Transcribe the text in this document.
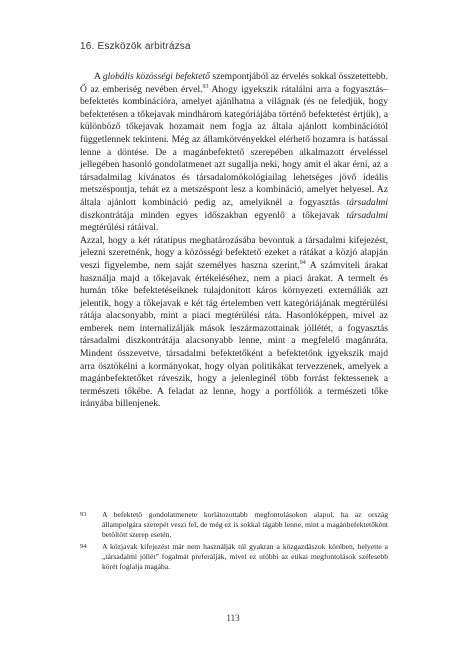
16. Eszközök arbitrázsa

A globális közösségi befektető szempontjából az érvelés sokkal összetettebb. Ő az emberiség nevében érvel.$^{93}$ Ahogy igyekszik rátalálni arra a fogyasztás–befektetés kombinációra, amelyet ajánlhatna a világnak (és ne feledjük, hogy befektetésen a tőkejavak mindhárom kategóriájába történő befektetést értjük), a különböző tőkejavak hozamait nem fogja az általa ajánlott kombinációtól függetlennek tekinteni. Még az államkötvényekkel elérhető hozamra is hatással lenne a döntése. De a magánbefektető szerepében alkalmazott érveléssel jellegében hasonló gondolatmenet azt sugallja neki, hogy amit el akar érni, az a társadalmilag kívánatos és társadalomökológiailag lehetséges jövő ideális metszéspontja, tehát ez a metszéspont lesz a kombináció, amelyet helyesel. Az általa ajánlott kombináció pedig az, amelyiknél a fogyasztás társadalmi diszkontrátája minden egyes időszakban egyenlő a tőkejavak társadalmi megtérülési rátáival.

Azzal, hogy a két rátatípus meghatározásába bevontuk a társadalmi kifejezést, jelezni szeretnénk, hogy a közösségi befektető ezeket a rátákat a közjó alapján veszi figyelembe, nem saját személyes haszna szerint.$^{94}$ A számviteli árakat használja majd a tőkejavak értékeléséhez, nem a piaci árakat. A termelt és humán tőke befektetéseiknek tulajdonított káros környezeti externáliák azt jelentik, hogy a tőkejavak e két tág értelemben vett kategóriájának megtérülési rátája alacsonyabb, mint a piaci megtérülési ráta. Hasonlóképpen, mivel az emberek nem internalizálják mások leszármazottainak jóllétét, a fogyasztás társadalmi diszkontrátája alacsonyabb lenne, mint a megfelelő magánráta. Mindent összevetve, társadalmi befektetőként a befektetőnk igyekszik majd arra ösztökélni a kormányokat, hogy olyan politikákat tervezzenek, amelyek a magánbefektetőket ráveszik, hogy a jelenleginél több forrást fektessenek a természeti tőkébe. A feladat az lenne, hogy a portfóliók a természeti tőke irányába billenjenek.

93 A befektető gondolatmenete korlátozottabb megfontolásokon alapul, ha az ország állampolgára szerepét veszi fel, de még ez is sokkal tágabb lenne, mint a magánbefektetőként betöltött szerep esetén.
94 A közjavak kifejezést már nem használják túl gyakran a közgazdászok körében, helyette a „társadalmi jóllét” fogalmát preferálják, mivel ez utóbbi az etikai megfontolások szélesebb körét foglalja magába.
113
